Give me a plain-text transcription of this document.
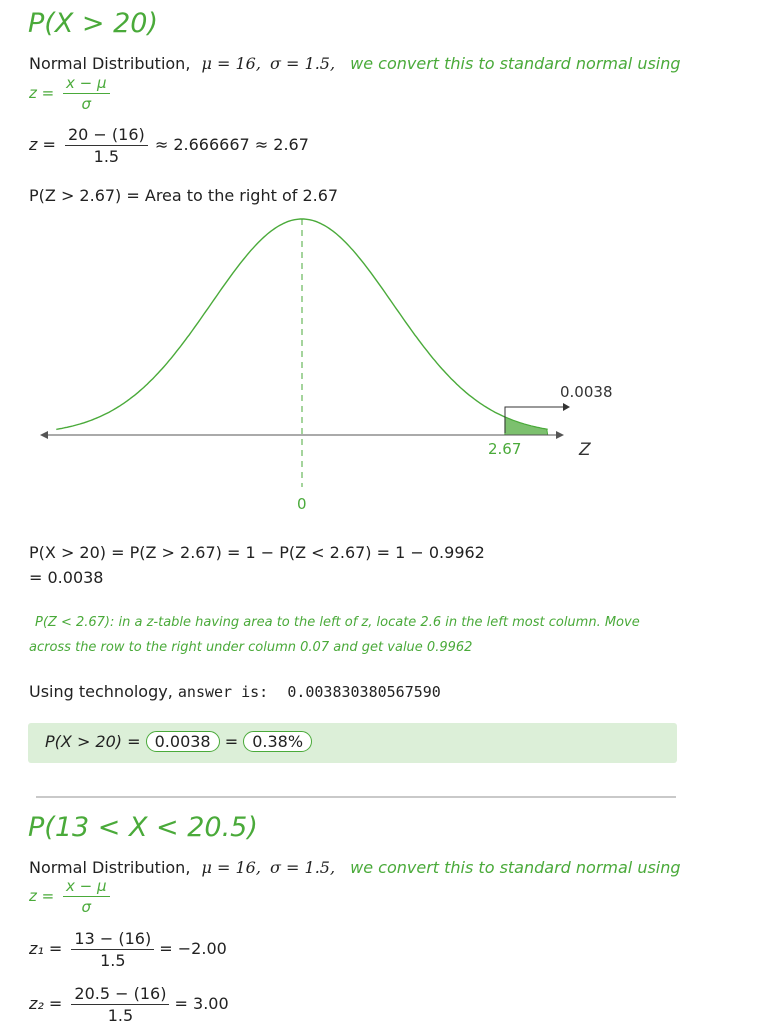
P(X > 20)
Normal Distribution, μ = 16, σ = 1.5, we convert this to standard normal using
$z = \frac{x - \mu}{\sigma}$
$z = \frac{20 - (16)}{1.5} \approx 2.666667 \approx 2.67$
P(Z > 2.67) = Area to the right of 2.67
0.0038
2.67	Z
0
P(X > 20) = P(Z > 2.67) = 1 − P(Z < 2.67) = 1 − 0.9962
= 0.0038
P(Z < 2.67): in a z-table having area to the left of z, locate 2.6 in the left most column. Move
across the row to the right under column 0.07 and get value 0.9962
Using technology, answer is: 0.003830380567590
P(X > 20) = 0.0038 = 0.38%
P(13 < X < 20.5)
Normal Distribution, μ = 16, σ = 1.5, we convert this to standard normal using
$z = \frac{x - \mu}{\sigma}$
$z_1 = \frac{13 - (16)}{1.5} = -2.00$
$z_2 = \frac{20.5 - (16)}{1.5} = 3.00$
